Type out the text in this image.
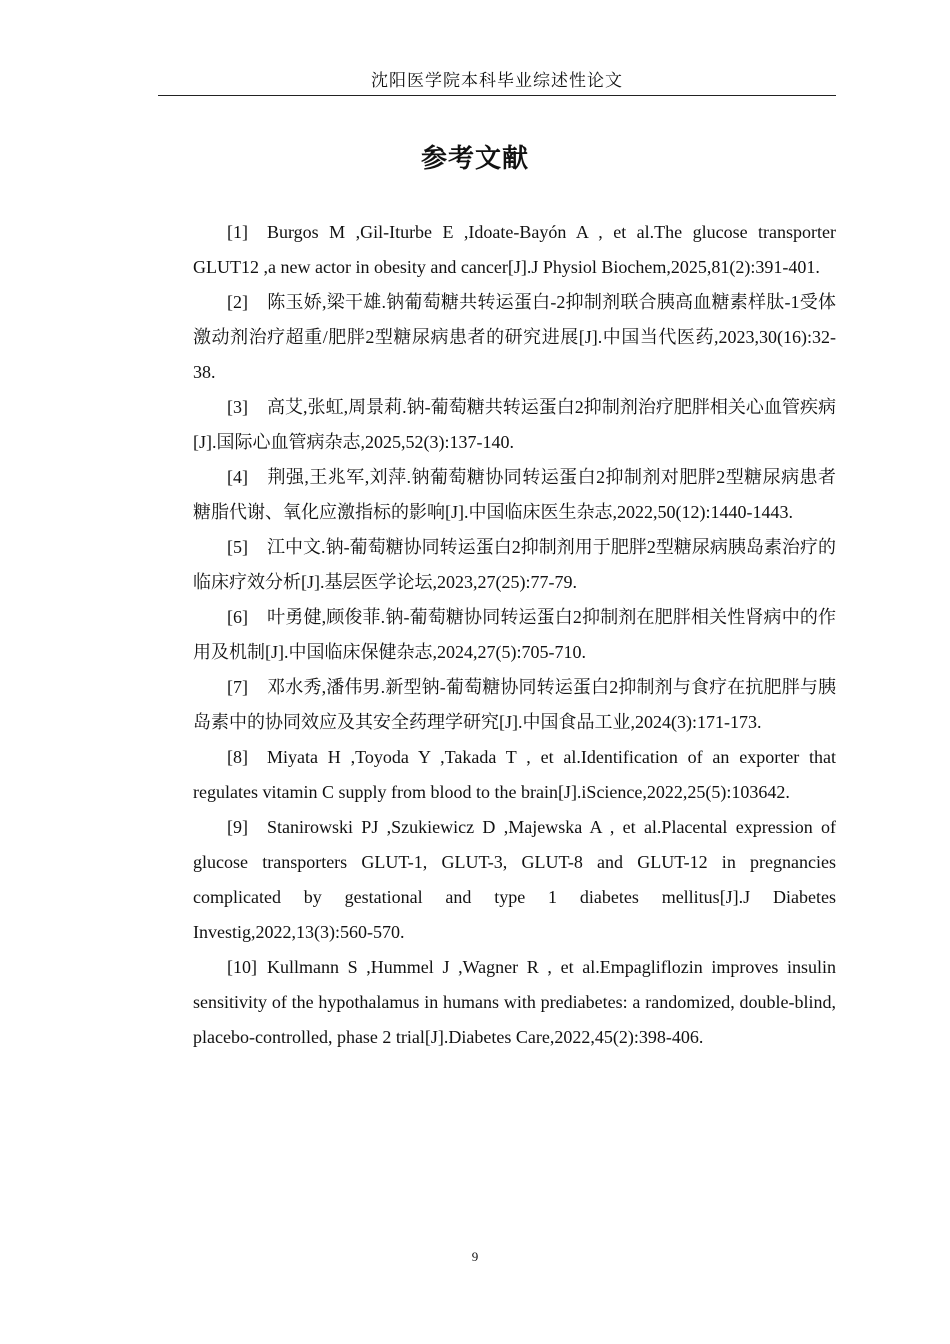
沈阳医学院本科毕业综述性论文
参考文献

[1] Burgos M ,Gil-Iturbe E ,Idoate-Bayón A , et al.The glucose transporter GLUT12 ,a new actor in obesity and cancer[J].J Physiol Biochem,2025,81(2):391-401.

[2] 陈玉娇,梁干雄.钠葡萄糖共转运蛋白-2抑制剂联合胰高血糖素样肽-1受体激动剂治疗超重/肥胖2型糖尿病患者的研究进展[J].中国当代医药,2023,30(16):32-38.

[3] 高艾,张虹,周景莉.钠-葡萄糖共转运蛋白2抑制剂治疗肥胖相关心血管疾病[J].国际心血管病杂志,2025,52(3):137-140.

[4] 荆强,王兆军,刘萍.钠葡萄糖协同转运蛋白2抑制剂对肥胖2型糖尿病患者糖脂代谢、氧化应激指标的影响[J].中国临床医生杂志,2022,50(12):1440-1443.

[5] 江中文.钠-葡萄糖协同转运蛋白2抑制剂用于肥胖2型糖尿病胰岛素治疗的临床疗效分析[J].基层医学论坛,2023,27(25):77-79.

[6] 叶勇健,顾俊菲.钠-葡萄糖协同转运蛋白2抑制剂在肥胖相关性肾病中的作用及机制[J].中国临床保健杂志,2024,27(5):705-710.

[7] 邓水秀,潘伟男.新型钠-葡萄糖协同转运蛋白2抑制剂与食疗在抗肥胖与胰岛素中的协同效应及其安全药理学研究[J].中国食品工业,2024(3):171-173.

[8] Miyata H ,Toyoda Y ,Takada T , et al.Identification of an exporter that regulates vitamin C supply from blood to the brain[J].iScience,2022,25(5):103642.

[9] Stanirowski PJ ,Szukiewicz D ,Majewska A , et al.Placental expression of glucose transporters GLUT-1, GLUT-3, GLUT-8 and GLUT-12 in pregnancies complicated by gestational and type 1 diabetes mellitus[J].J Diabetes Investig,2022,13(3):560-570.

[10] Kullmann S ,Hummel J ,Wagner R , et al.Empagliflozin improves insulin sensitivity of the hypothalamus in humans with prediabetes: a randomized, double-blind, placebo-controlled, phase 2 trial[J].Diabetes Care,2022,45(2):398-406.

9
